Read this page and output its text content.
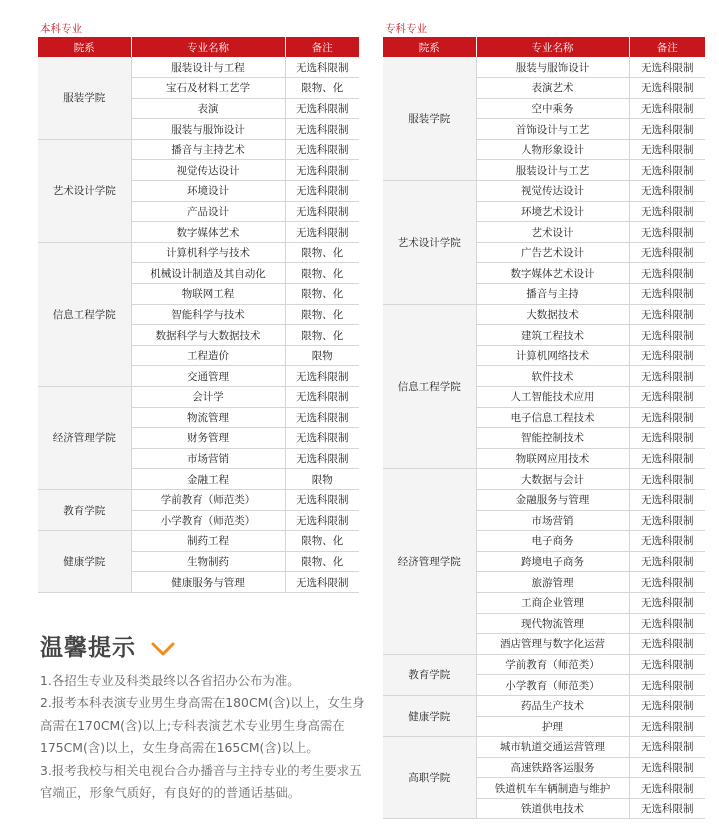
本科专业
院系	专业名称	备注
服装学院	服装设计与工程	无选科限制
	宝石及材料工艺学	限物、化
	表演	无选科限制
	服装与服饰设计	无选科限制
艺术设计学院	播音与主持艺术	无选科限制
	视觉传达设计	无选科限制
	环境设计	无选科限制
	产品设计	无选科限制
	数字媒体艺术	无选科限制
信息工程学院	计算机科学与技术	限物、化
	机械设计制造及其自动化	限物、化
	物联网工程	限物、化
	智能科学与技术	限物、化
	数据科学与大数据技术	限物、化
	工程造价	限物
	交通管理	无选科限制
经济管理学院	会计学	无选科限制
	物流管理	无选科限制
	财务管理	无选科限制
	市场营销	无选科限制
	金融工程	限物
教育学院	学前教育（师范类）	无选科限制
	小学教育（师范类）	无选科限制
健康学院	制药工程	限物、化
	生物制药	限物、化
	健康服务与管理	无选科限制
专科专业
院系	专业名称	备注
服装学院	服装与服饰设计	无选科限制
	表演艺术	无选科限制
	空中乘务	无选科限制
	首饰设计与工艺	无选科限制
	人物形象设计	无选科限制
	服装设计与工艺	无选科限制
艺术设计学院	视觉传达设计	无选科限制
	环境艺术设计	无选科限制
	艺术设计	无选科限制
	广告艺术设计	无选科限制
	数字媒体艺术设计	无选科限制
	播音与主持	无选科限制
信息工程学院	大数据技术	无选科限制
	建筑工程技术	无选科限制
	计算机网络技术	无选科限制
	软件技术	无选科限制
	人工智能技术应用	无选科限制
	电子信息工程技术	无选科限制
	智能控制技术	无选科限制
	物联网应用技术	无选科限制
经济管理学院	大数据与会计	无选科限制
	金融服务与管理	无选科限制
	市场营销	无选科限制
	电子商务	无选科限制
	跨境电子商务	无选科限制
	旅游管理	无选科限制
	工商企业管理	无选科限制
	现代物流管理	无选科限制
	酒店管理与数字化运营	无选科限制
教育学院	学前教育（师范类）	无选科限制
	小学教育（师范类）	无选科限制
健康学院	药品生产技术	无选科限制
	护理	无选科限制
高职学院	城市轨道交通运营管理	无选科限制
	高速铁路客运服务	无选科限制
	铁道机车车辆制造与维护	无选科限制
	铁道供电技术	无选科限制
温馨提示

1.各招生专业及科类最终以各省招办公布为准。

2.报考本科表演专业男生身高需在180CM(含)以上，女生身高需在170CM(含)以上;专科表演艺术专业男生身高需在175CM(含)以上，女生身高需在165CM(含)以上。

3.报考我校与相关电视台合办播音与主持专业的考生要求五官端正，形象气质好，有良好的的普通话基础。
